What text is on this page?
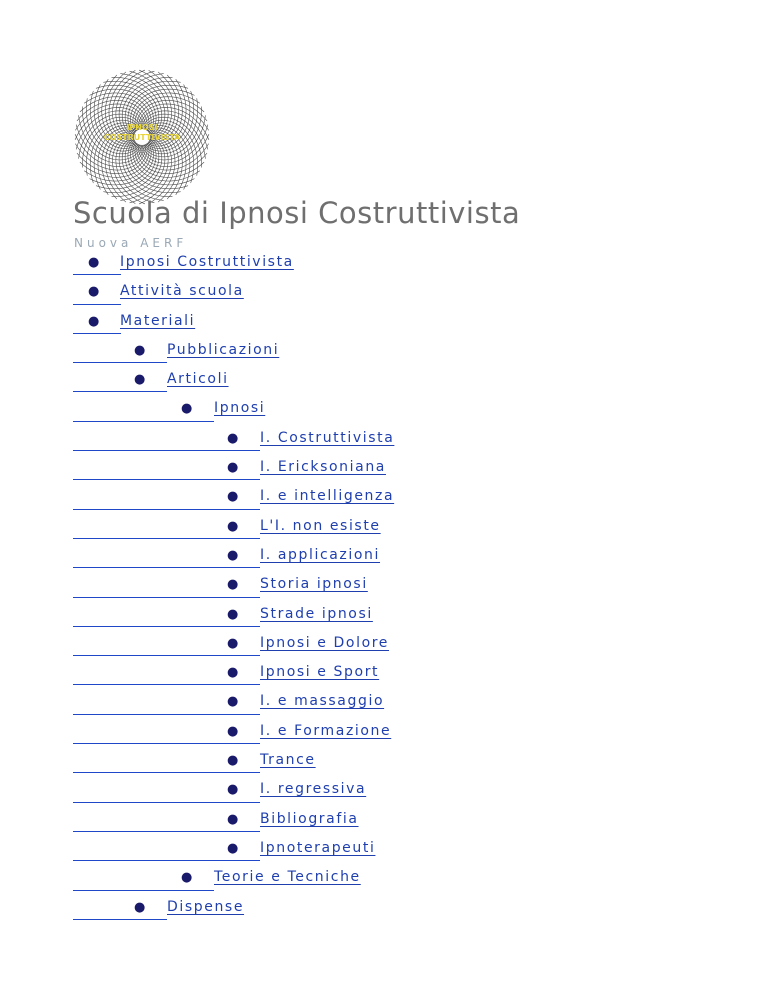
IPNOSI
COSTRUTTIVISTA
Scuola di Ipnosi Costruttivista
Nuova AERF
● Ipnosi Costruttivista
● Attività scuola
● Materiali
● Pubblicazioni
● Articoli
● Ipnosi
● I. Costruttivista
● I. Ericksoniana
● I. e intelligenza
● L'I. non esiste
● I. applicazioni
● Storia ipnosi
● Strade ipnosi
● Ipnosi e Dolore
● Ipnosi e Sport
● I. e massaggio
● I. e Formazione
● Trance
● I. regressiva
● Bibliografia
● Ipnoterapeuti
● Teorie e Tecniche
● Dispense
